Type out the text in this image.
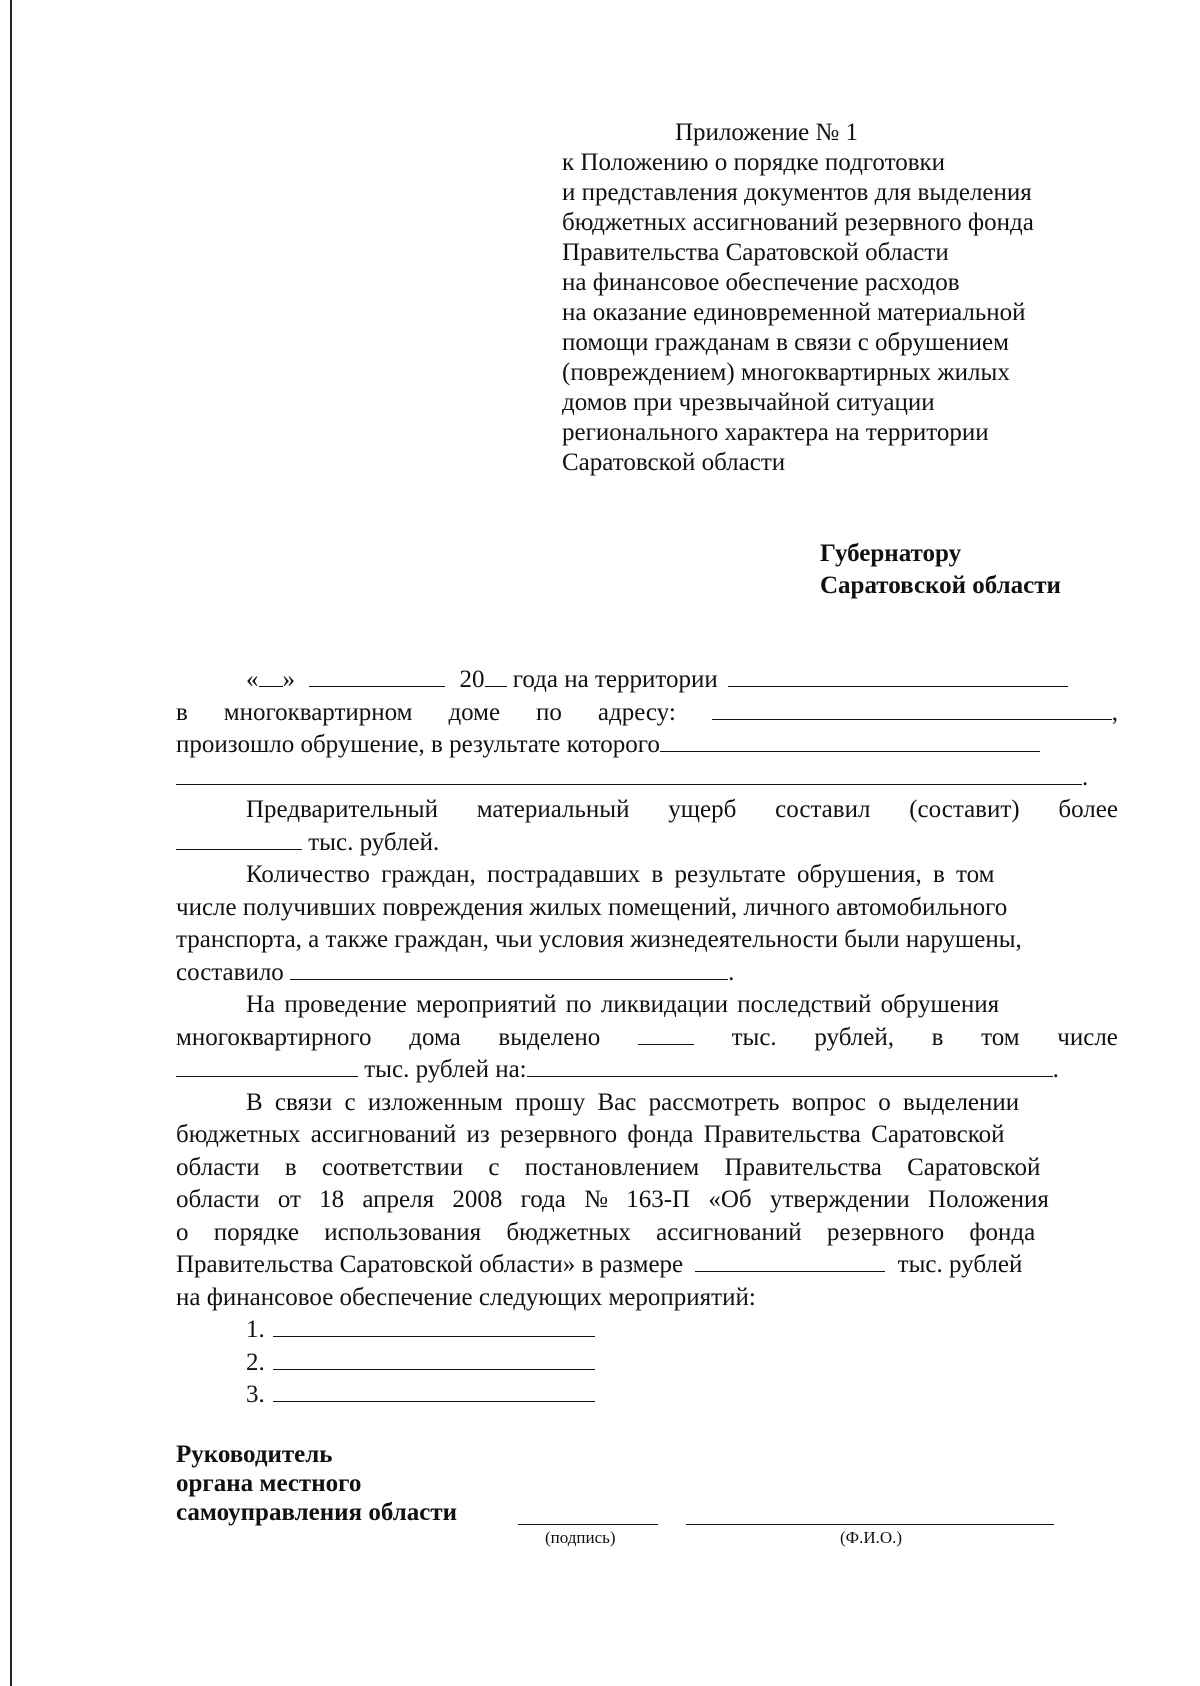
Приложение № 1
к Положению о порядке подготовки
и представления документов для выделения
бюджетных ассигнований резервного фонда
Правительства Саратовской области
на финансовое обеспечение расходов
на оказание единовременной материальной
помощи гражданам в связи с обрушением
(повреждением) многоквартирных жилых
домов при чрезвычайной ситуации
регионального характера на территории
Саратовской области
Губернатору
Саратовской области
« »	20 года на территории
в многоквартирном доме по адресу:	,
произошло обрушение, в результате которого
.
Предварительный материальный ущерб составил (составит) более
тыс. рублей.

Количество граждан, пострадавших в результате обрушения, в том

числе получивших повреждения жилых помещений, личного автомобильного
транспорта, а также граждан, чьи условия жизнедеятельности были нарушены,
составило	.
На проведение мероприятий по ликвидации последствий обрушения
многоквартирного дома выделено	тыс. рублей, в том числе
тыс. рублей на:	.

В связи с изложенным прошу Вас рассмотреть вопрос о выделении

бюджетных ассигнований из резервного фонда Правительства Саратовской
области в соответствии с постановлением Правительства Саратовской
области от 18 апреля 2008 года № 163-П «Об утверждении Положения
о порядке использования бюджетных ассигнований резервного фонда
Правительства Саратовской области» в размере	тыс. рублей
на финансовое обеспечение следующих мероприятий:
1.
2.
3.
Руководитель
органа местного
самоуправления области
(подпись)	(Ф.И.О.)
